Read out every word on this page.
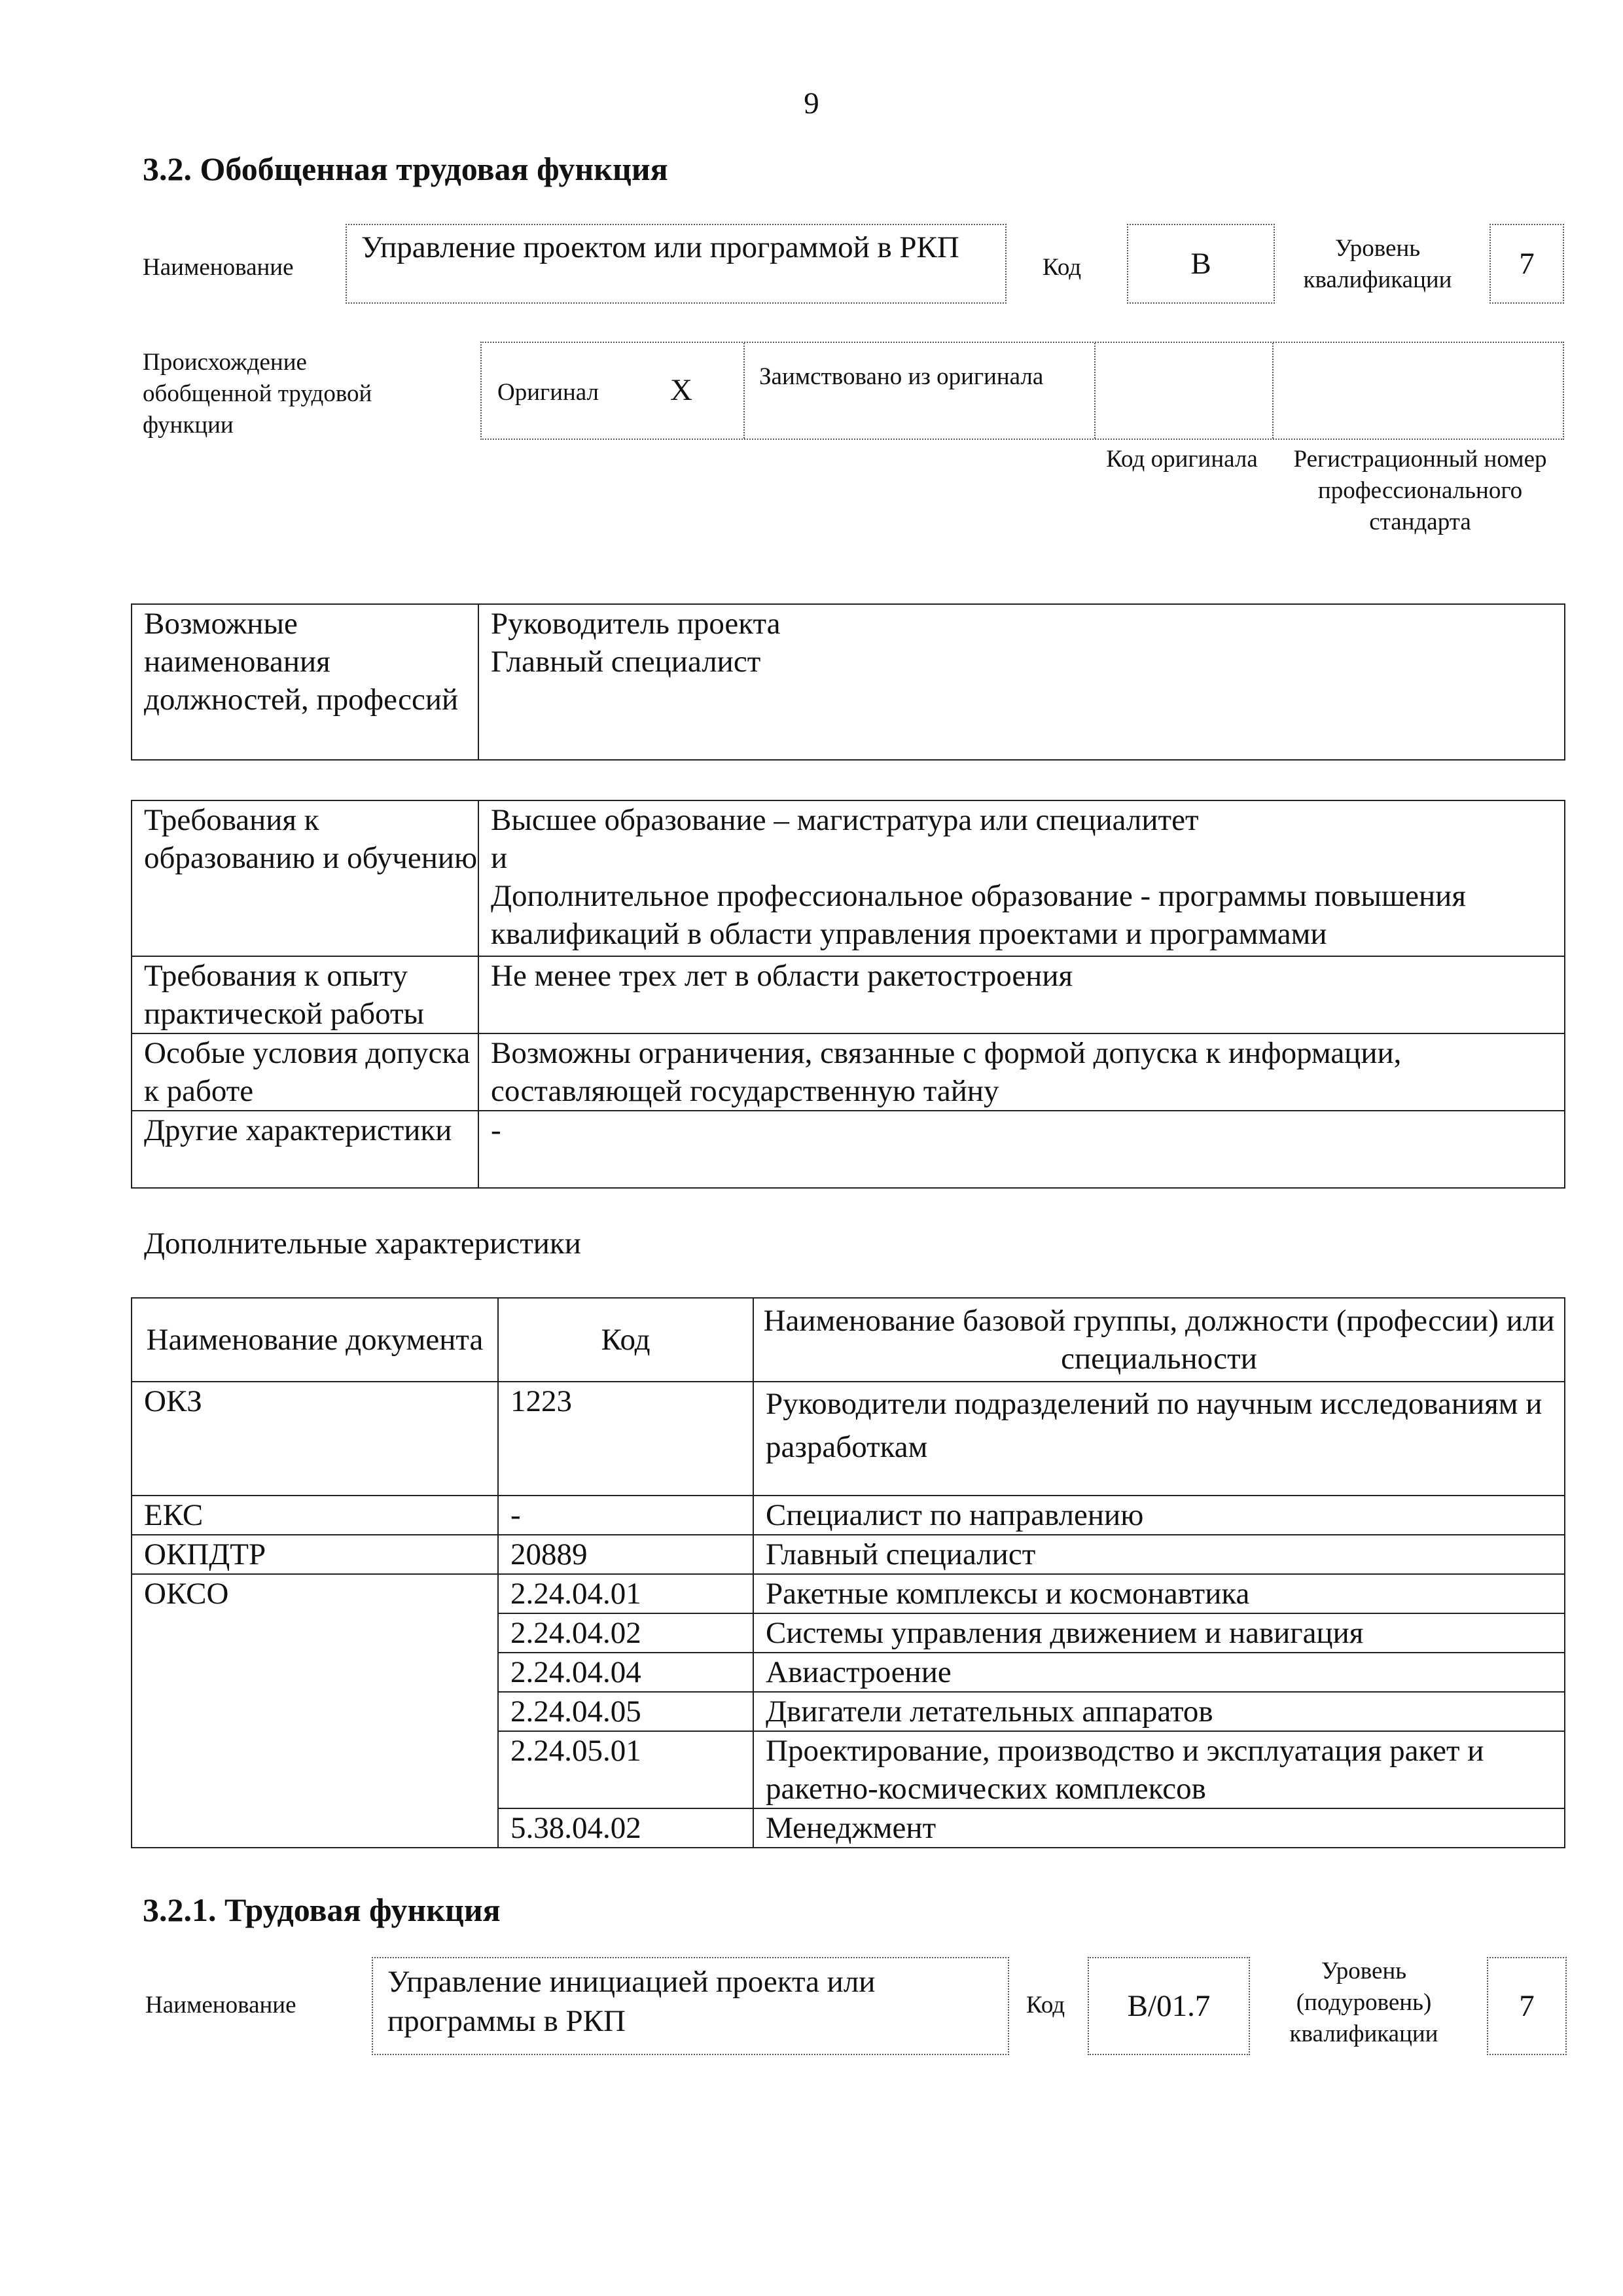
9
3.2. Обобщенная трудовая функция
Наименование
Управление проектом или программой в РКП
Код	B	Уровень квалификации	7
Происхождение обобщенной трудовой функции
Оригинал X	Заимствовано из оригинала
Код оригинала	Регистрационный номер профессионального стандарта
Возможные наименования должностей, профессий	Руководитель проекта
Главный специалист
Требования к образованию и обучению	Высшее образование – магистратура или специалитет
и
Дополнительное профессиональное образование - программы повышения квалификаций в области управления проектами и программами
Требования к опыту практической работы	Не менее трех лет в области ракетостроения
Особые условия допуска к работе	Возможны ограничения, связанные с формой допуска к информации, составляющей государственную тайну
Другие характеристики	-
Дополнительные характеристики
Наименование документа	Код	Наименование базовой группы, должности (профессии) или специальности
ОКЗ	1223	Руководители подразделений по научным исследованиям и разработкам
ЕКС	-	Специалист по направлению
ОКПДТР	20889	Главный специалист
ОКСО	2.24.04.01	Ракетные комплексы и космонавтика
	2.24.04.02	Системы управления движением и навигация
	2.24.04.04	Авиастроение
	2.24.04.05	Двигатели летательных аппаратов
	2.24.05.01	Проектирование, производство и эксплуатация ракет и ракетно-космических комплексов
	5.38.04.02	Менеджмент
3.2.1. Трудовая функция
Наименование
Управление инициацией проекта или программы в РКП	Код B/01.7
Уровень (подуровень) квалификации
7
